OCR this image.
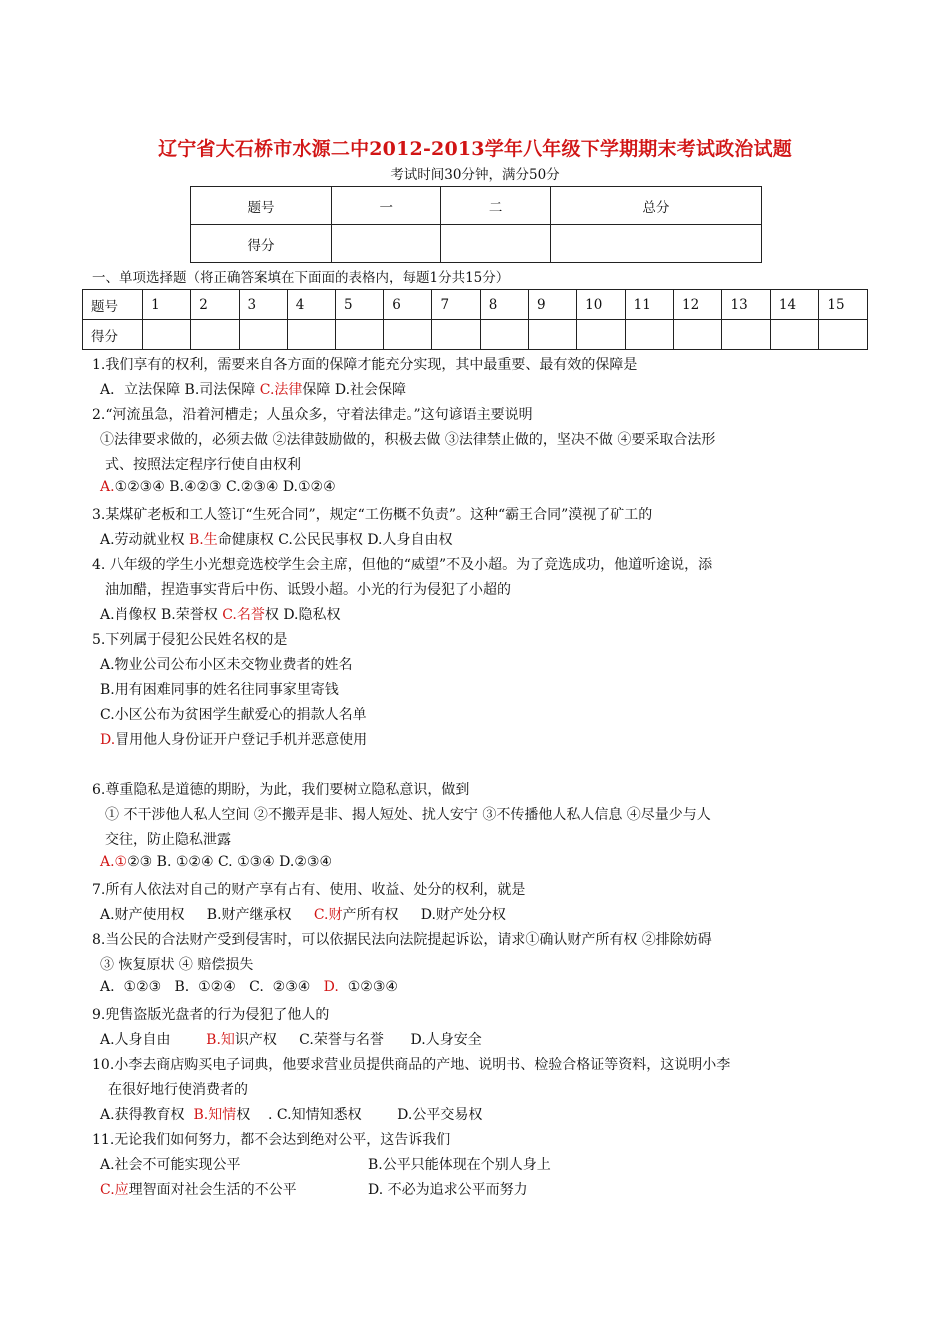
辽宁省大石桥市水源二中2012-2013学年八年级下学期期末考试政治试题
考试时间30分钟，满分50分
题号	一	二	总分
得分			
一、单项选择题（将正确答案填在下面面的表格内，每题1分共15分）
题号	1	2	3	4	5	6	7	8	9	10	11	12	13	14	15
得分															
1.我们享有的权利，需要来自各方面的保障才能充分实现，其中最重要、最有效的保障是
A．立法保障 B.司法保障 C.法律保障 D.社会保障
2.“河流虽急，沿着河槽走；人虽众多，守着法律走。”这句谚语主要说明
①法律要求做的，必须去做 ②法律鼓励做的，积极去做 ③法律禁止做的，坚决不做 ④要采取合法形
式、按照法定程序行使自由权利
A.①②③④ B.④②③ C.②③④ D.①②④
3.某煤矿老板和工人签订“生死合同”，规定“工伤概不负责”。这种“霸王合同”漠视了矿工的
A.劳动就业权 B.生命健康权 C.公民民事权 D.人身自由权
4. 八年级的学生小光想竞选校学生会主席，但他的“威望”不及小超。为了竞选成功，他道听途说，添
油加醋，捏造事实背后中伤、诋毁小超。小光的行为侵犯了小超的
A.肖像权 B.荣誉权 C.名誉权 D.隐私权
5.下列属于侵犯公民姓名权的是
A.物业公司公布小区未交物业费者的姓名
B.用有困难同事的姓名往同事家里寄钱
C.小区公布为贫困学生献爱心的捐款人名单
D.冒用他人身份证开户登记手机并恶意使用
6.尊重隐私是道德的期盼，为此，我们要树立隐私意识，做到
① 不干涉他人私人空间 ②不搬弄是非、揭人短处、扰人安宁 ③不传播他人私人信息 ④尽量少与人
交往，防止隐私泄露
A.①②③ B. ①②④ C. ①③④ D.②③④
7.所有人依法对自己的财产享有占有、使用、收益、处分的权利，就是
A.财产使用权     B.财产继承权     C.财产所有权     D.财产处分权
8.当公民的合法财产受到侵害时，可以依据民法向法院提起诉讼，请求①确认财产所有权 ②排除妨碍
③ 恢复原状 ④ 赔偿损失
A.  ①②③   B.  ①②④   C.  ②③④   D.  ①②③④
9.兜售盗版光盘者的行为侵犯了他人的
A.人身自由        B.知识产权     C.荣誉与名誉      D.人身安全
10.小李去商店购买电子词典，他要求营业员提供商品的产地、说明书、检验合格证等资料，这说明小李
在很好地行使消费者的
A.获得教育权  B.知情权    . C.知情知悉权        D.公平交易权
11.无论我们如何努力，都不会达到绝对公平，这告诉我们
A.社会不可能实现公平	B.公平只能体现在个别人身上
C.应理智面对社会生活的不公平	D. 不必为追求公平而努力
